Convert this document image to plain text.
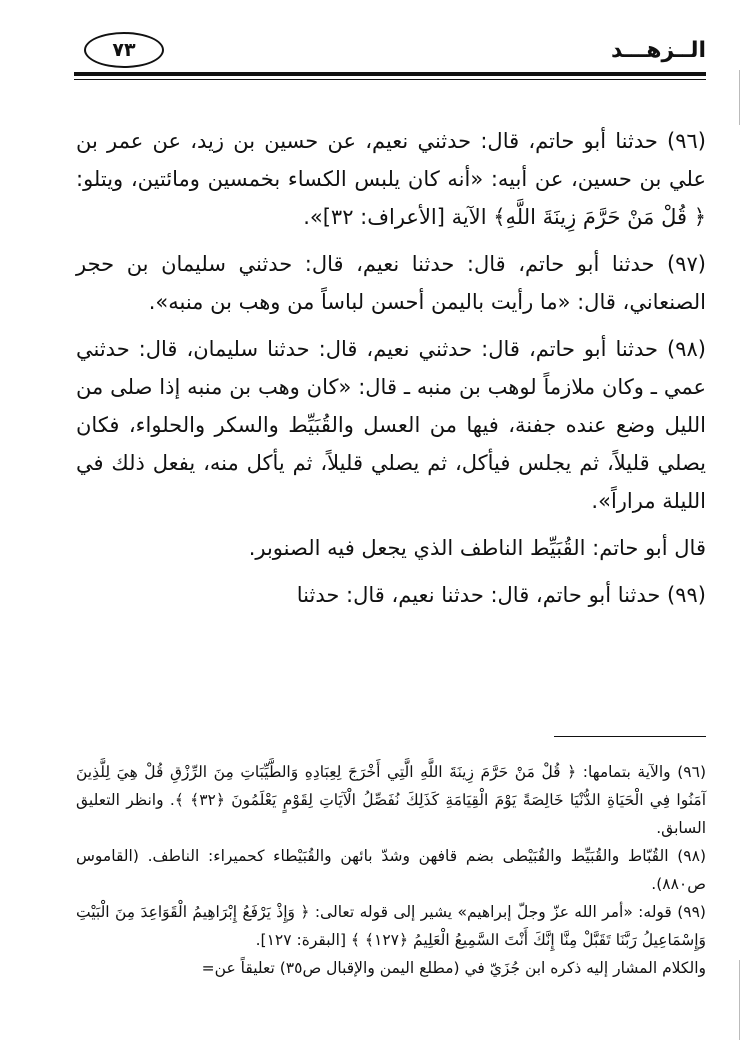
٧٣	الــزهـــد

(٩٦) حدثنا أبو حاتم، قال: حدثني نعيم، عن حسين بن زيد، عن عمر بن علي بن حسين، عن أبيه: «أنه كان يلبس الكساء بخمسين ومائتين، ويتلو: ﴿ قُلْ مَنْ حَرَّمَ زِينَةَ اللَّهِ﴾ الآية [الأعراف: ٣٢]».

(٩٧) حدثنا أبو حاتم، قال: حدثنا نعيم، قال: حدثني سليمان بن حجر الصنعاني، قال: «ما رأيت باليمن أحسن لباساً من وهب بن منبه».

(٩٨) حدثنا أبو حاتم، قال: حدثني نعيم، قال: حدثنا سليمان، قال: حدثني عمي ـ وكان ملازماً لوهب بن منبه ـ قال: «كان وهب بن منبه إذا صلى من الليل وضع عنده جفنة، فيها من العسل والقُبَيِّط والسكر والحلواء، فكان يصلي قليلاً، ثم يجلس فيأكل، ثم يصلي قليلاً، ثم يأكل منه، يفعل ذلك في الليلة مراراً».

قال أبو حاتم: القُبَيِّط الناطف الذي يجعل فيه الصنوبر.

(٩٩) حدثنا أبو حاتم، قال: حدثنا نعيم، قال: حدثنا

(٩٦) والآية بتمامها: ﴿ قُلْ مَنْ حَرَّمَ زِينَةَ اللَّهِ الَّتِي أَخْرَجَ لِعِبَادِهِ وَالطَّيِّبَاتِ مِنَ الرِّزْقِ قُلْ هِيَ لِلَّذِينَ آمَنُوا فِي الْحَيَاةِ الدُّنْيَا خَالِصَةً يَوْمَ الْقِيَامَةِ كَذَلِكَ نُفَصِّلُ الْآيَاتِ لِقَوْمٍ يَعْلَمُونَ ﴿٣٢﴾ ﴾. وانظر التعليق السابق.

(٩٨) القُبّاط والقُبَيِّط والقُبَيْطى بضم قافهن وشدّ بائهن والقُبَيْطاء كحميراء: الناطف. (القاموس ص٨٨٠).

(٩٩) قوله: «أمر الله عزّ وجلّ إبراهيم» يشير إلى قوله تعالى: ﴿ وَإِذْ يَرْفَعُ إِبْرَاهِيمُ الْقَوَاعِدَ مِنَ الْبَيْتِ وَإِسْمَاعِيلُ رَبَّنَا تَقَبَّلْ مِنَّا إِنَّكَ أَنْتَ السَّمِيعُ الْعَلِيمُ ﴿١٢٧﴾ ﴾ [البقرة: ١٢٧].

والكلام المشار إليه ذكره ابن جُزَيّ في (مطلع اليمن والإقبال ص٣٥) تعليقاً عن=
